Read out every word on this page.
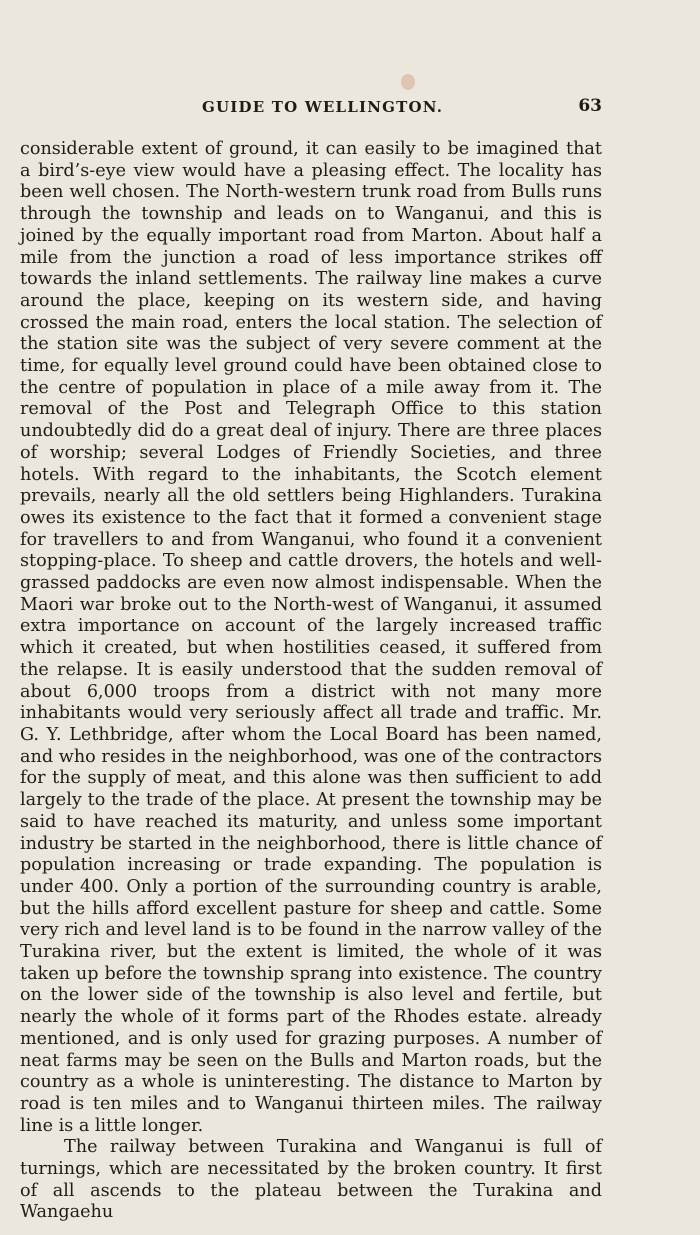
GUIDE TO WELLINGTON.	63

considerable extent of ground, it can easily to be imagined that a bird’s-eye view would have a pleasing effect. The locality has been well chosen. The North-western trunk road from Bulls runs through the township and leads on to Wanganui, and this is joined by the equally important road from Marton. About half a mile from the junction a road of less importance strikes off towards the inland settlements. The railway line makes a curve around the place, keeping on its western side, and having crossed the main road, enters the local station. The selection of the station site was the subject of very severe comment at the time, for equally level ground could have been obtained close to the centre of population in place of a mile away from it. The removal of the Post and Telegraph Office to this station undoubtedly did do a great deal of injury. There are three places of worship; several Lodges of Friendly Societies, and three hotels. With regard to the inhabitants, the Scotch element prevails, nearly all the old settlers being Highlanders. Turakina owes its existence to the fact that it formed a convenient stage for travellers to and from Wanganui, who found it a convenient stopping-place. To sheep and cattle drovers, the hotels and well-grassed paddocks are even now almost indispensable. When the Maori war broke out to the North-west of Wanganui, it assumed extra importance on account of the largely increased traffic which it created, but when hostilities ceased, it suffered from the relapse. It is easily understood that the sudden removal of about 6,000 troops from a district with not many more inhabitants would very seriously affect all trade and traffic. Mr. G. Y. Lethbridge, after whom the Local Board has been named, and who resides in the neighborhood, was one of the contractors for the supply of meat, and this alone was then sufficient to add largely to the trade of the place. At present the township may be said to have reached its maturity, and unless some important industry be started in the neighborhood, there is little chance of population increasing or trade expanding. The population is under 400. Only a portion of the surrounding country is arable, but the hills afford excellent pasture for sheep and cattle. Some very rich and level land is to be found in the narrow valley of the Turakina river, but the extent is limited, the whole of it was taken up before the township sprang into existence. The country on the lower side of the township is also level and fertile, but nearly the whole of it forms part of the Rhodes estate. already mentioned, and is only used for grazing purposes. A number of neat farms may be seen on the Bulls and Marton roads, but the country as a whole is uninteresting. The distance to Marton by road is ten miles and to Wanganui thirteen miles. The railway line is a little longer.

The railway between Turakina and Wanganui is full of turnings, which are necessitated by the broken country. It first of all ascends to the plateau between the Turakina and Wangaehu
